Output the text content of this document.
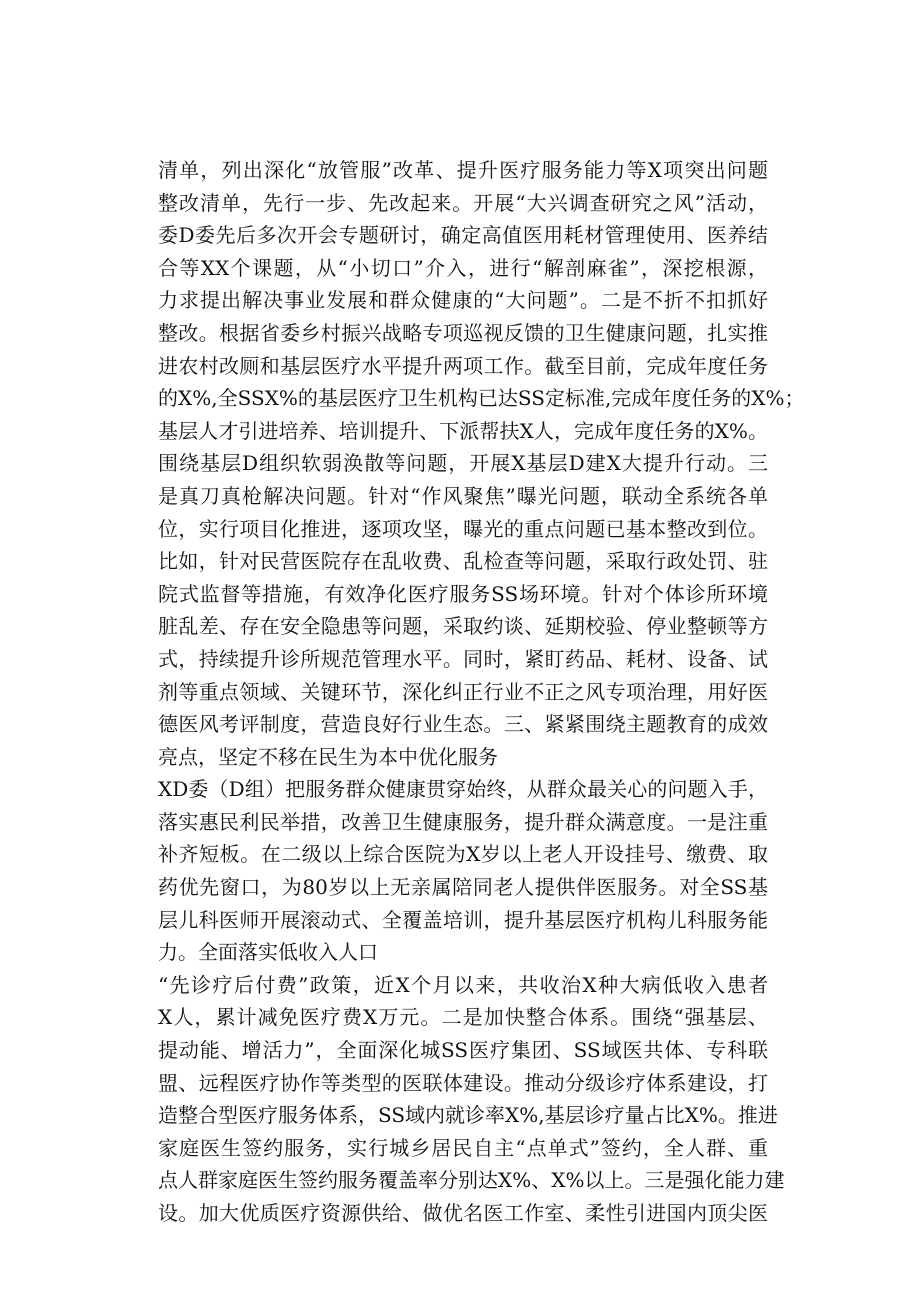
清单，列出深化“放管服”改革、提升医疗服务能力等X项突出问题
整改清单，先行一步、先改起来。开展“大兴调查研究之风”活动，
委D委先后多次开会专题研讨，确定高值医用耗材管理使用、医养结
合等XX个课题，从“小切口”介入，进行“解剖麻雀”，深挖根源，
力求提出解决事业发展和群众健康的“大问题”。二是不折不扣抓好
整改。根据省委乡村振兴战略专项巡视反馈的卫生健康问题，扎实推
进农村改厕和基层医疗水平提升两项工作。截至目前，完成年度任务
的X%,全SSX%的基层医疗卫生机构已达SS定标准,完成年度任务的X%；
基层人才引进培养、培训提升、下派帮扶X人，完成年度任务的X%。
围绕基层D组织软弱涣散等问题，开展X基层D建X大提升行动。三
是真刀真枪解决问题。针对“作风聚焦”曝光问题，联动全系统各单
位，实行项目化推进，逐项攻坚，曝光的重点问题已基本整改到位。
比如，针对民营医院存在乱收费、乱检查等问题，采取行政处罚、驻
院式监督等措施，有效净化医疗服务SS场环境。针对个体诊所环境
脏乱差、存在安全隐患等问题，采取约谈、延期校验、停业整顿等方
式，持续提升诊所规范管理水平。同时，紧盯药品、耗材、设备、试
剂等重点领域、关键环节，深化纠正行业不正之风专项治理，用好医
德医风考评制度，营造良好行业生态。三、紧紧围绕主题教育的成效
亮点，坚定不移在民生为本中优化服务
XD委（D组）把服务群众健康贯穿始终，从群众最关心的问题入手，
落实惠民利民举措，改善卫生健康服务，提升群众满意度。一是注重
补齐短板。在二级以上综合医院为X岁以上老人开设挂号、缴费、取
药优先窗口，为80岁以上无亲属陪同老人提供伴医服务。对全SS基
层儿科医师开展滚动式、全覆盖培训，提升基层医疗机构儿科服务能
力。全面落实低收入人口
“先诊疗后付费”政策，近X个月以来，共收治X种大病低收入患者
X人，累计减免医疗费X万元。二是加快整合体系。围绕“强基层、
提动能、增活力”，全面深化城SS医疗集团、SS域医共体、专科联
盟、远程医疗协作等类型的医联体建设。推动分级诊疗体系建设，打
造整合型医疗服务体系，SS域内就诊率X%,基层诊疗量占比X%。推进
家庭医生签约服务，实行城乡居民自主“点单式”签约，全人群、重
点人群家庭医生签约服务覆盖率分别达X%、X%以上。三是强化能力建
设。加大优质医疗资源供给、做优名医工作室、柔性引进国内顶尖医
